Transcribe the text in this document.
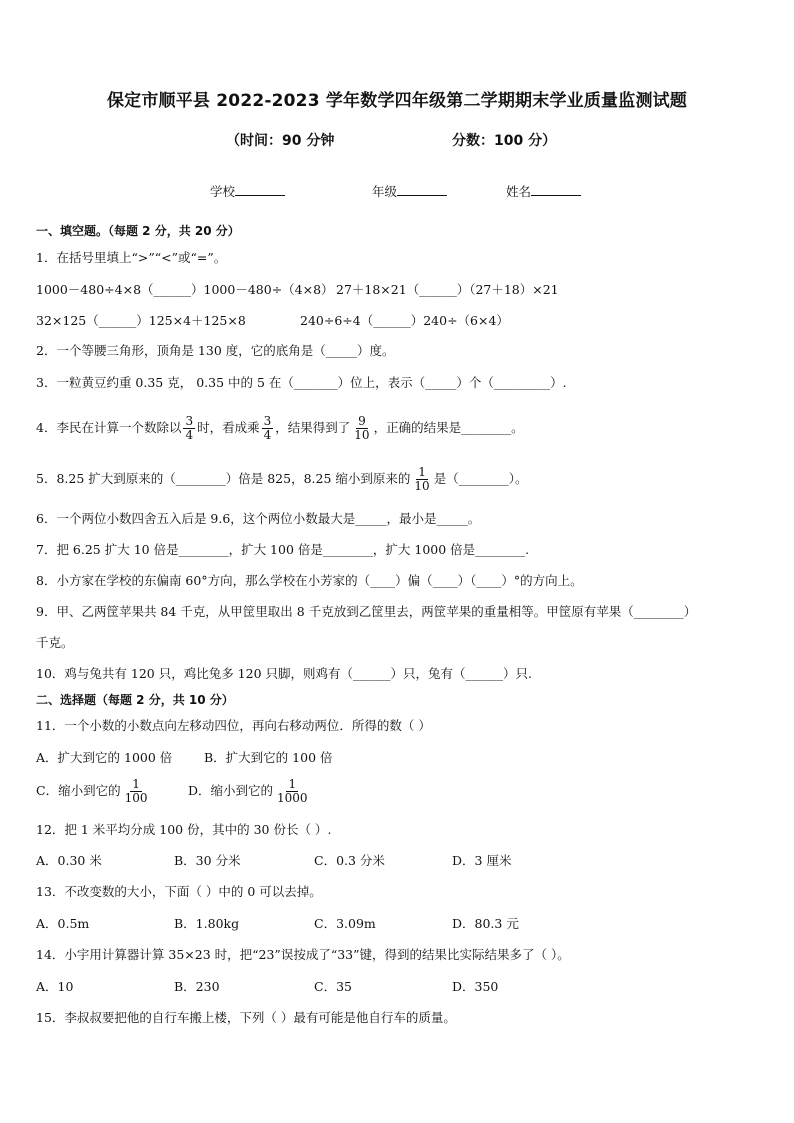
保定市顺平县 2022-2023 学年数学四年级第二学期期末学业质量监测试题
（时间：90 分钟	分数：100 分）
学校	年级	姓名
一、填空题。（每题 2 分，共 20 分）
1．在括号里填上“>”“<”或“=”。
1000－480÷4×8（______）1000－480÷（4×8） 27＋18×21（______）（27＋18）×21
32×125（______）125×4＋125×8	240÷6÷4（______）240÷（6×4）
2．一个等腰三角形，顶角是 130 度，它的底角是（_____）度。
3．一粒黄豆约重 0.35 克， 0.35 中的 5 在（_______）位上，表示（_____）个（_________）.
4．李民在计算一个数除以 $\frac{3}{4}$ 时，看成乘 $\frac{3}{4}$ ，结果得到了 $\frac{9}{10}$ ，正确的结果是________。
5．8.25 扩大到原来的（________）倍是 825，8.25 缩小到原来的 $\frac{1}{10}$ 是（________）。
6．一个两位小数四舍五入后是 9.6，这个两位小数最大是_____，最小是_____。
7．把 6.25 扩大 10 倍是________，扩大 100 倍是________，扩大 1000 倍是________.
8．小方家在学校的东偏南 60°方向，那么学校在小芳家的（____）偏（____）（____）°的方向上。
9．甲、乙两筐苹果共 84 千克，从甲筐里取出 8 千克放到乙筐里去，两筐苹果的重量相等。甲筐原有苹果（________）
千克。
10．鸡与兔共有 120 只，鸡比兔多 120 只脚，则鸡有（______）只，兔有（______）只.
二、选择题（每题 2 分，共 10 分）
11．一个小数的小数点向左移动四位，再向右移动两位．所得的数（ ）
A．扩大到它的 1000 倍	B．扩大到它的 100 倍
C．缩小到它的 $\frac{1}{100}$	D．缩小到它的 $\frac{1}{1000}$
12．把 1 米平均分成 100 份，其中的 30 份长（ ）.
A．0.30 米	B．30 分米	C．0.3 分米	D．3 厘米
13．不改变数的大小，下面（ ）中的 0 可以去掉。
A．0.5m	B．1.80kg	C．3.09m	D．80.3 元
14．小宇用计算器计算 35×23 时，把“23”误按成了“33”键，得到的结果比实际结果多了（ ）。
A．10	B．230	C．35	D．350
15．李叔叔要把他的自行车搬上楼，下列（ ）最有可能是他自行车的质量。
